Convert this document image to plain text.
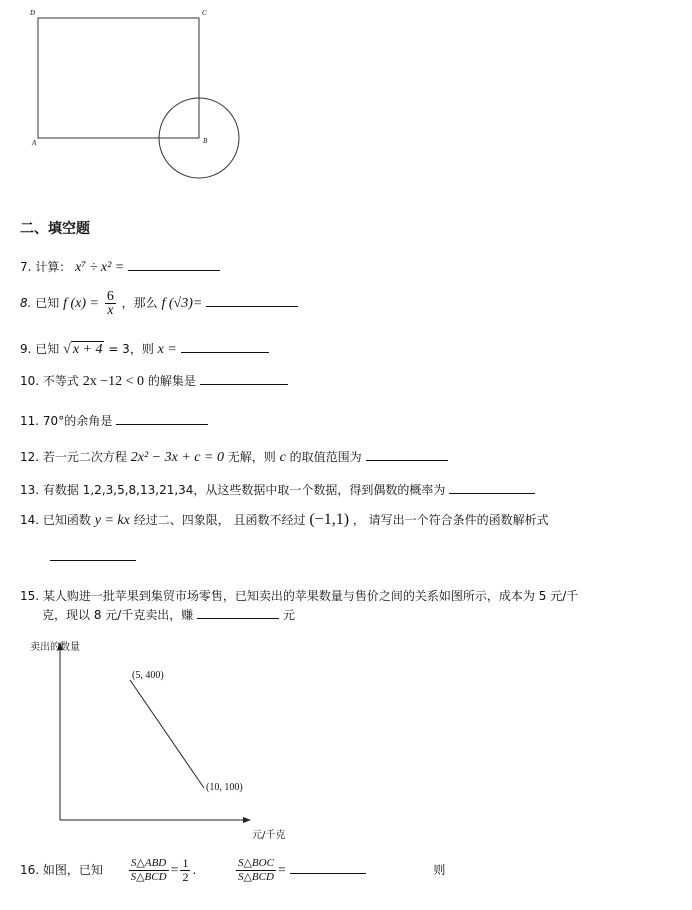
D	C
A	B
二、填空题
7. 计算： x⁷ ÷ x² =
8. 已知 f $(x) = \frac{6}{x}$ ，那么 f (√3)=
9. 已知 √ x + 4 = 3，则 x =
10. 不等式 2x −12 < 0 的解集是
11. 70°的余角是
12. 若一元二次方程 2x² − 3x + c = 0 无解，则 c 的取值范围为
13. 有数据 1,2,3,5,8,13,21,34，从这些数据中取一个数据，得到偶数的概率为
14. 已知函数 y = kx 经过二、四象限， 且函数不经过 (−1,1) ， 请写出一个符合条件的函数解析式
15. 某人购进一批苹果到集贸市场零售，已知卖出的苹果数量与售价之间的关系如图所示，成本为 5 元/千
克，现以 8 元/千克卖出，赚	元
卖出的数量
元/千克
(5, 400)
(10, 100)
16. 如图，已知 $\frac{\text{S△ABD}}{\text{S△BCD}} = \frac{1}{2}$ .	$\frac{\text{S△BOC}}{\text{S△BCD}}$ =	则
